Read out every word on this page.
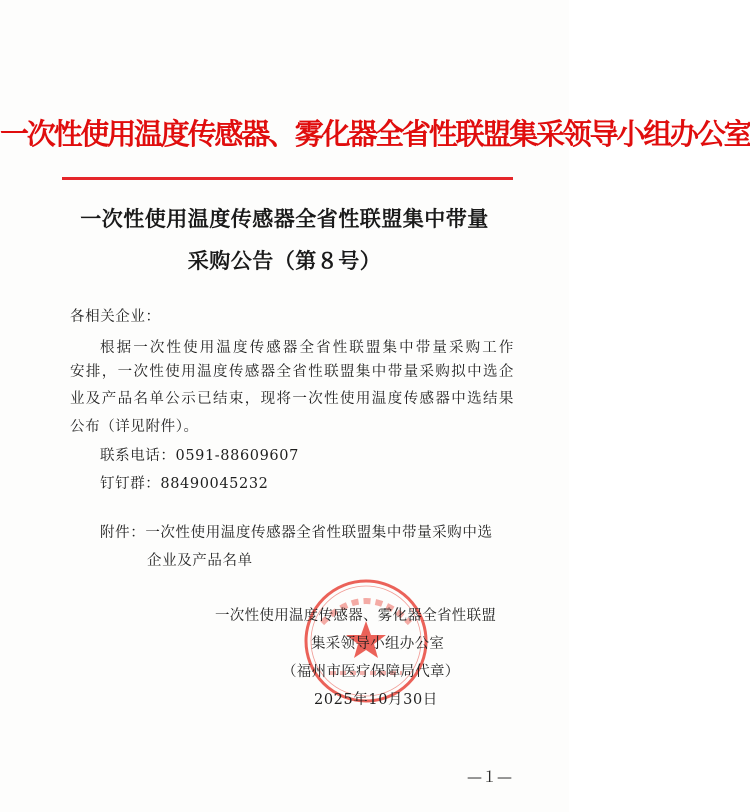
一次性使用温度传感器、雾化器全省性联盟集采领导小组办公室
一次性使用温度传感器全省性联盟集中带量
采购公告（第８号）
各相关企业：
根据一次性使用温度传感器全省性联盟集中带量采购工作
安排，一次性使用温度传感器全省性联盟集中带量采购拟中选企
业及产品名单公示已结束，现将一次性使用温度传感器中选结果
公布（详见附件）。
联系电话：0591-88609607
钉钉群：88490045232
附件：一次性使用温度传感器全省性联盟集中带量采购中选
企业及产品名单
一次性使用温度传感器、雾化器全省性联盟
集采领导小组办公室
（福州市医疗保障局代章）
2025年10月30日
—１—
